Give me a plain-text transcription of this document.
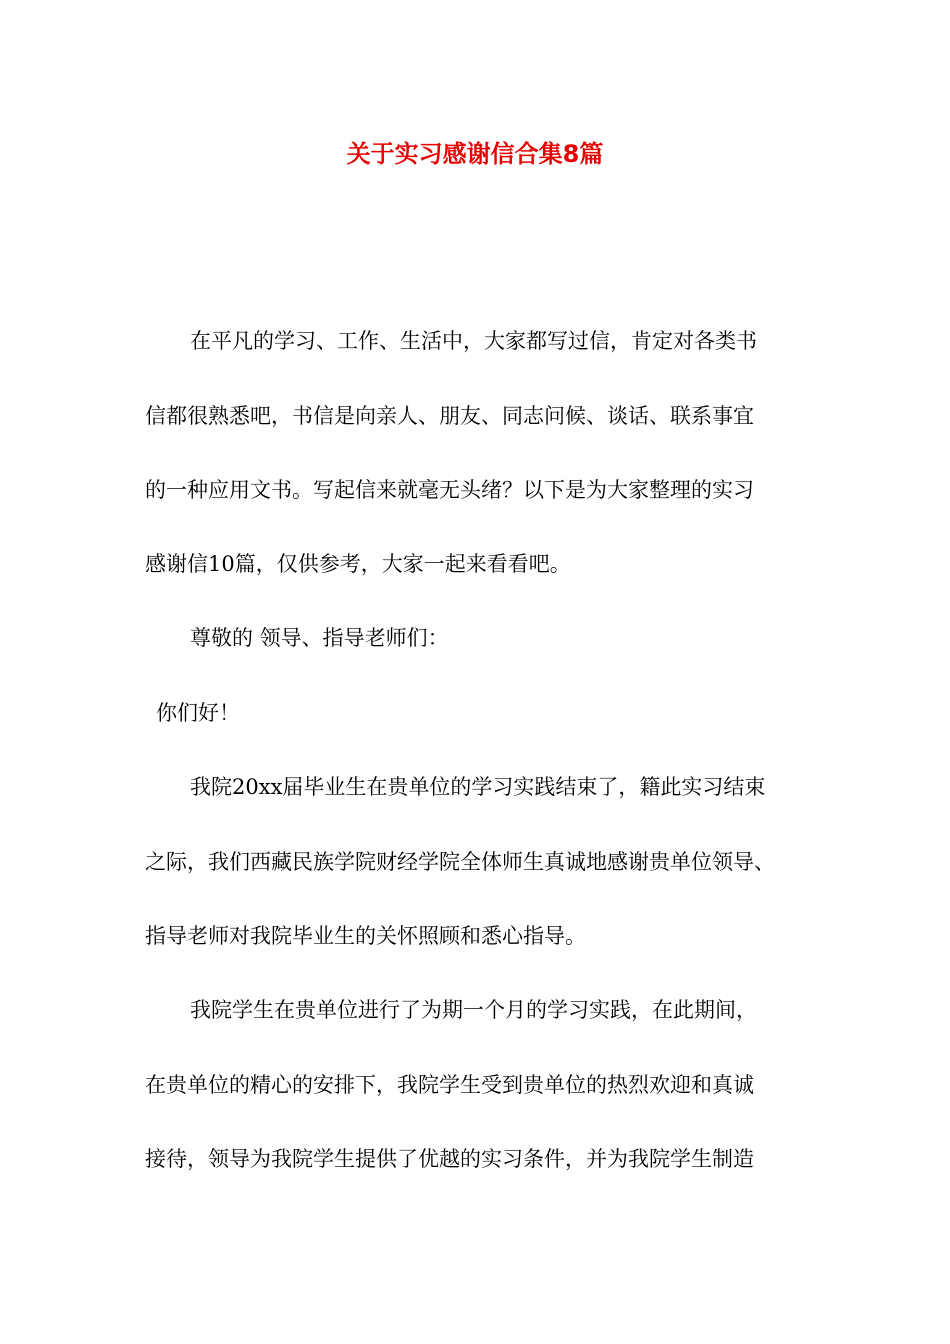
关于实习感谢信合集8篇

在平凡的学习、工作、生活中，大家都写过信，肯定对各类书

信都很熟悉吧，书信是向亲人、朋友、同志问候、谈话、联系事宜

的一种应用文书。写起信来就毫无头绪？以下是为大家整理的实习

感谢信10篇，仅供参考，大家一起来看看吧。

尊敬的 领导、指导老师们：

你们好！

我院20xx届毕业生在贵单位的学习实践结束了，籍此实习结束

之际，我们西藏民族学院财经学院全体师生真诚地感谢贵单位领导、

指导老师对我院毕业生的关怀照顾和悉心指导。

我院学生在贵单位进行了为期一个月的学习实践，在此期间，

在贵单位的精心的安排下，我院学生受到贵单位的热烈欢迎和真诚

接待，领导为我院学生提供了优越的实习条件，并为我院学生制造
